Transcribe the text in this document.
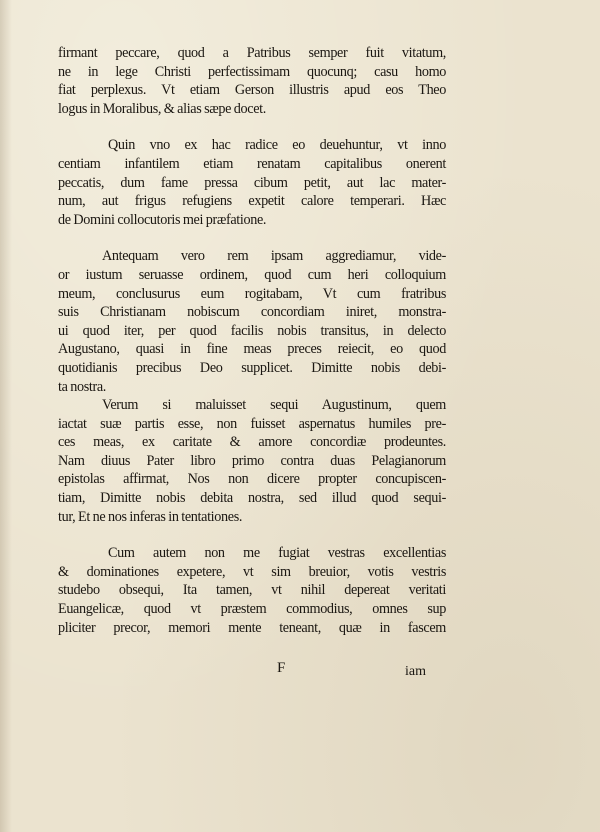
firmant peccare, quod a Patribus semper fuit vitatum,
ne in lege Christi perfectissimam quocunq; casu homo
fiat perplexus. Vt etiam Gerson illustris apud eos Theo
logus in Moralibus, & alias sæpe docet.
Quin vno ex hac radice eo deuehuntur, vt inno
centiam infantilem etiam renatam capitalibus onerent
peccatis, dum fame pressa cibum petit, aut lac mater-
num, aut frigus refugiens expetit calore temperari. Hæc
de Domini collocutoris mei præfatione.
Antequam vero rem ipsam aggrediamur, vide-
or iustum seruasse ordinem, quod cum heri colloquium
meum, conclusurus eum rogitabam, Vt cum fratribus
suis Christianam nobiscum concordiam iniret, monstra-
ui quod iter, per quod facilis nobis transitus, in delecto
Augustano, quasi in fine meas preces reiecit, eo quod
quotidianis precibus Deo supplicet. Dimitte nobis debi-
ta nostra.
Verum si maluisset sequi Augustinum, quem
iactat suæ partis esse, non fuisset aspernatus humiles pre-
ces meas, ex caritate & amore concordiæ prodeuntes.
Nam diuus Pater libro primo contra duas Pelagianorum
epistolas affirmat, Nos non dicere propter concupiscen-
tiam, Dimitte nobis debita nostra, sed illud quod sequi-
tur, Et ne nos inferas in tentationes.
Cum autem non me fugiat vestras excellentias
& dominationes expetere, vt sim breuior, votis vestris
studebo obsequi, Ita tamen, vt nihil depereat veritati
Euangelicæ, quod vt præstem commodius, omnes sup
pliciter precor, memori mente teneant, quæ in fascem
F	iam
